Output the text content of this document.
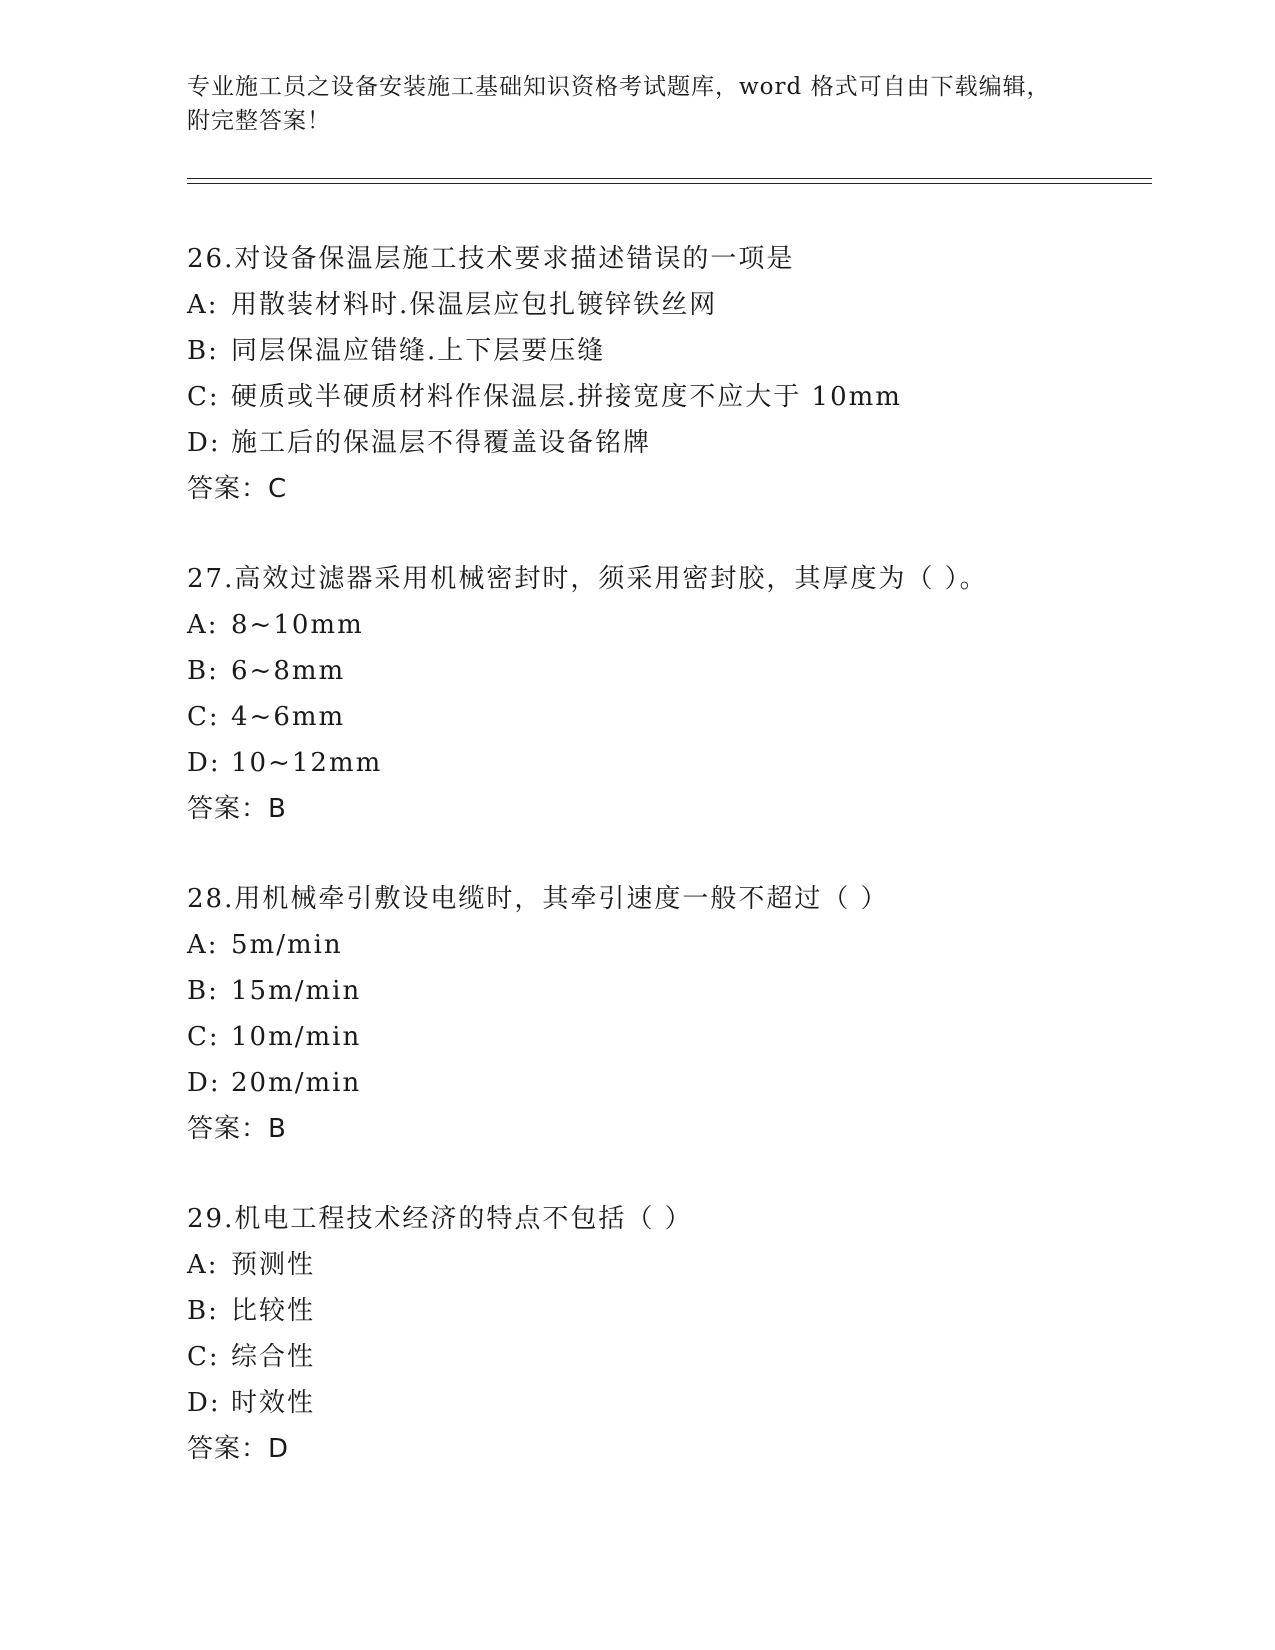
专业施工员之设备安装施工基础知识资格考试题库，word 格式可自由下载编辑，
附完整答案！
26.对设备保温层施工技术要求描述错误的一项是
A: 用散装材料时.保温层应包扎镀锌铁丝网
B: 同层保温应错缝.上下层要压缝
C: 硬质或半硬质材料作保温层.拼接宽度不应大于 10mm
D: 施工后的保温层不得覆盖设备铭牌
答案：C
27.高效过滤器采用机械密封时，须采用密封胶，其厚度为（ ）。
A: 8~10mm
B: 6~8mm
C: 4~6mm
D: 10~12mm
答案：B
28.用机械牵引敷设电缆时，其牵引速度一般不超过（ ）
A: 5m/min
B: 15m/min
C: 10m/min
D: 20m/min
答案：B
29.机电工程技术经济的特点不包括（ ）
A: 预测性
B: 比较性
C: 综合性
D: 时效性
答案：D
